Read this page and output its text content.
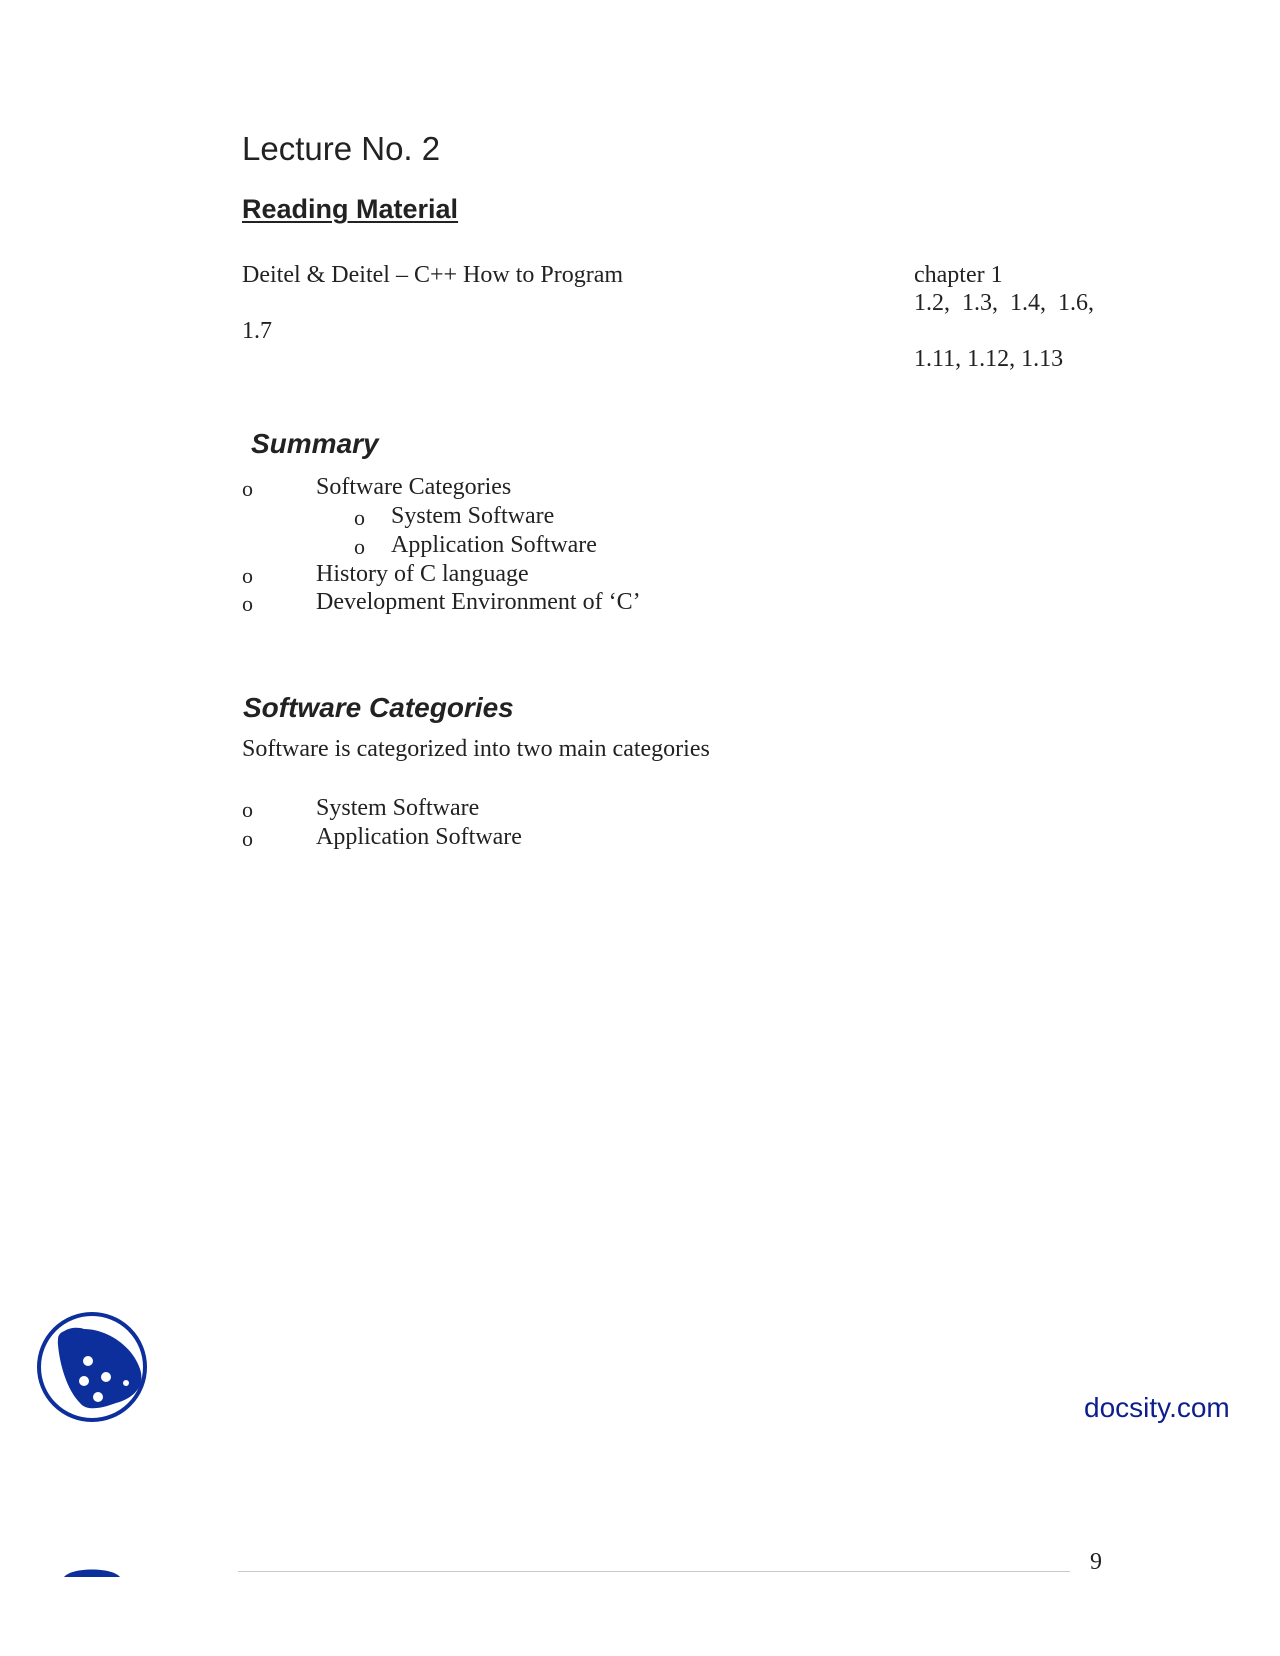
Lecture No. 2
Reading Material
Deitel & Deitel – C++ How to Program	chapter 1
1.2, 1.3, 1.4, 1.6,
1.7
1.11, 1.12, 1.13
Summary
o	Software Categories
o System Software
o Application Software
o	History of C language
o	Development Environment of ‘C’
Software Categories
Software is categorized into two main categories
o	System Software
o	Application Software
docsity.com
9
